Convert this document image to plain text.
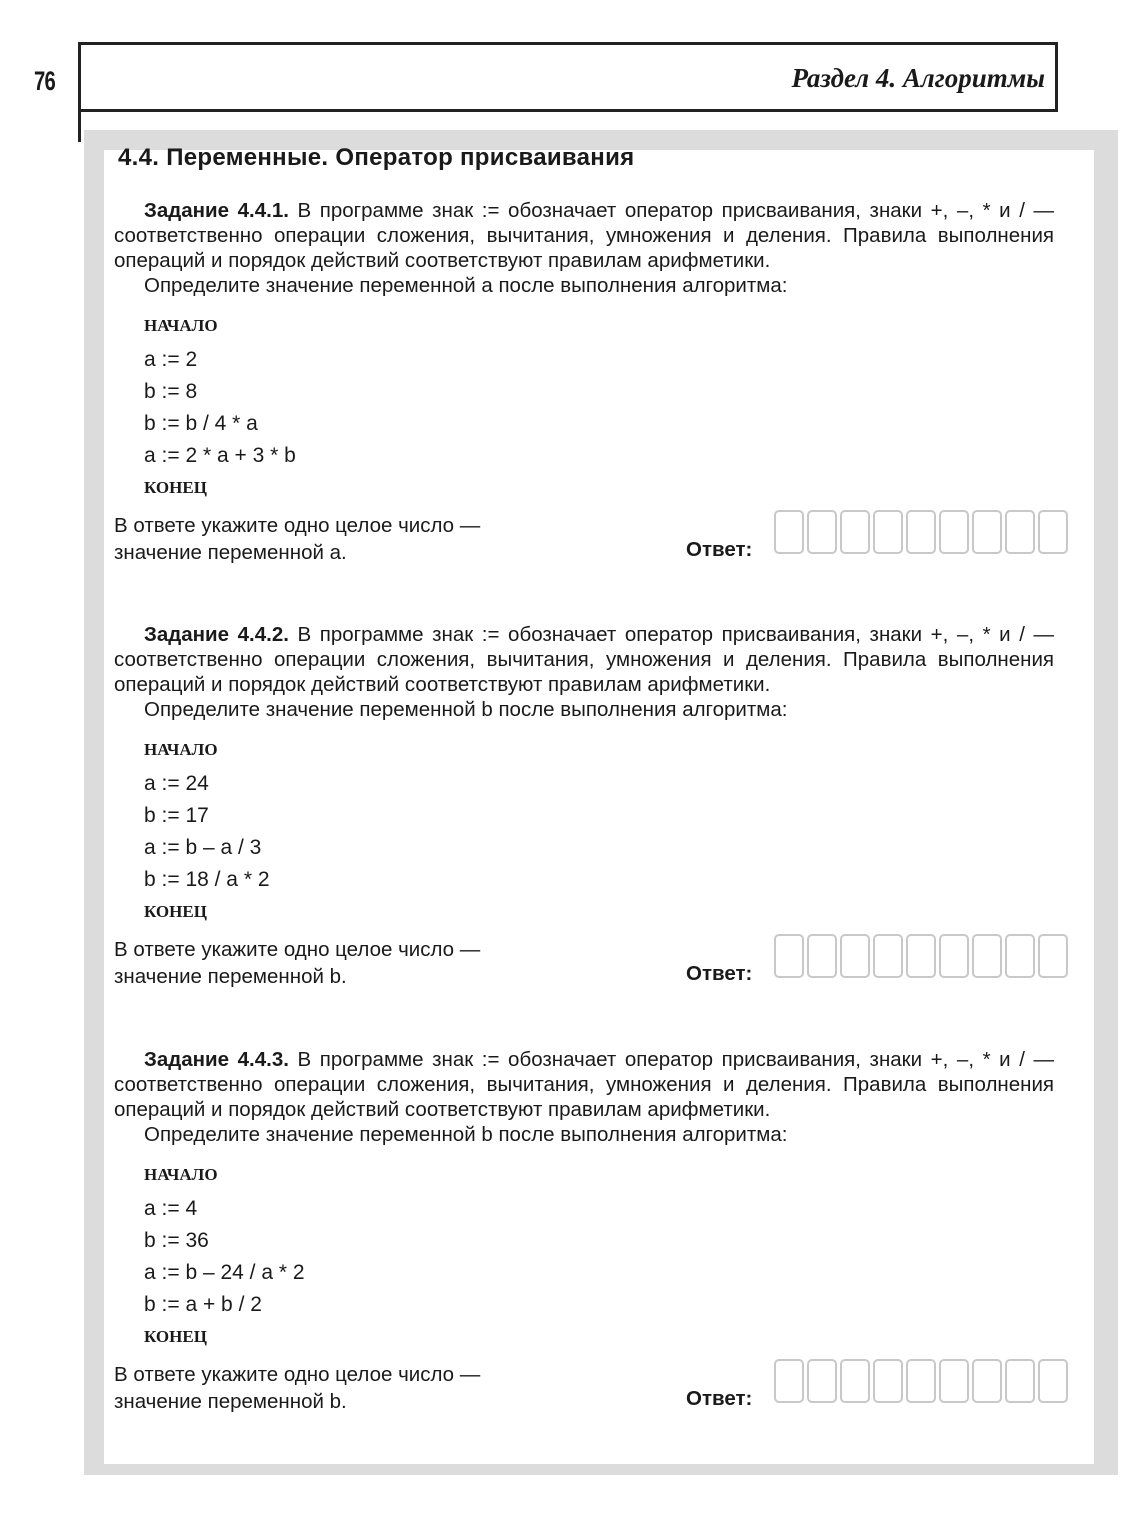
76	Раздел 4. Алгоритмы
4.4. Переменные. Оператор присваивания

Задание 4.4.1. В программе знак := обозначает оператор присваивания, знаки +, –, * и / — соответственно операции сложения, вычитания, умножения и деления. Правила выполнения операций и порядок действий соответствуют правилам арифметики.

Определите значение переменной a после выполнения алгоритма:

НАЧАЛО
a := 2
b := 8
b := b / 4 * a
a := 2 * a + 3 * b
КОНЕЦ
В ответе укажите одно целое число —
значение переменной a.	Ответ:

Задание 4.4.2. В программе знак := обозначает оператор присваивания, знаки +, –, * и / — соответственно операции сложения, вычитания, умножения и деления. Правила выполнения операций и порядок действий соответствуют правилам арифметики.

Определите значение переменной b после выполнения алгоритма:

НАЧАЛО
a := 24
b := 17
a := b – a / 3
b := 18 / a * 2
КОНЕЦ
В ответе укажите одно целое число —
значение переменной b.	Ответ:

Задание 4.4.3. В программе знак := обозначает оператор присваивания, знаки +, –, * и / — соответственно операции сложения, вычитания, умножения и деления. Правила выполнения операций и порядок действий соответствуют правилам арифметики.

Определите значение переменной b после выполнения алгоритма:

НАЧАЛО
a := 4
b := 36
a := b – 24 / a * 2
b := a + b / 2
КОНЕЦ
В ответе укажите одно целое число —
значение переменной b.	Ответ:
